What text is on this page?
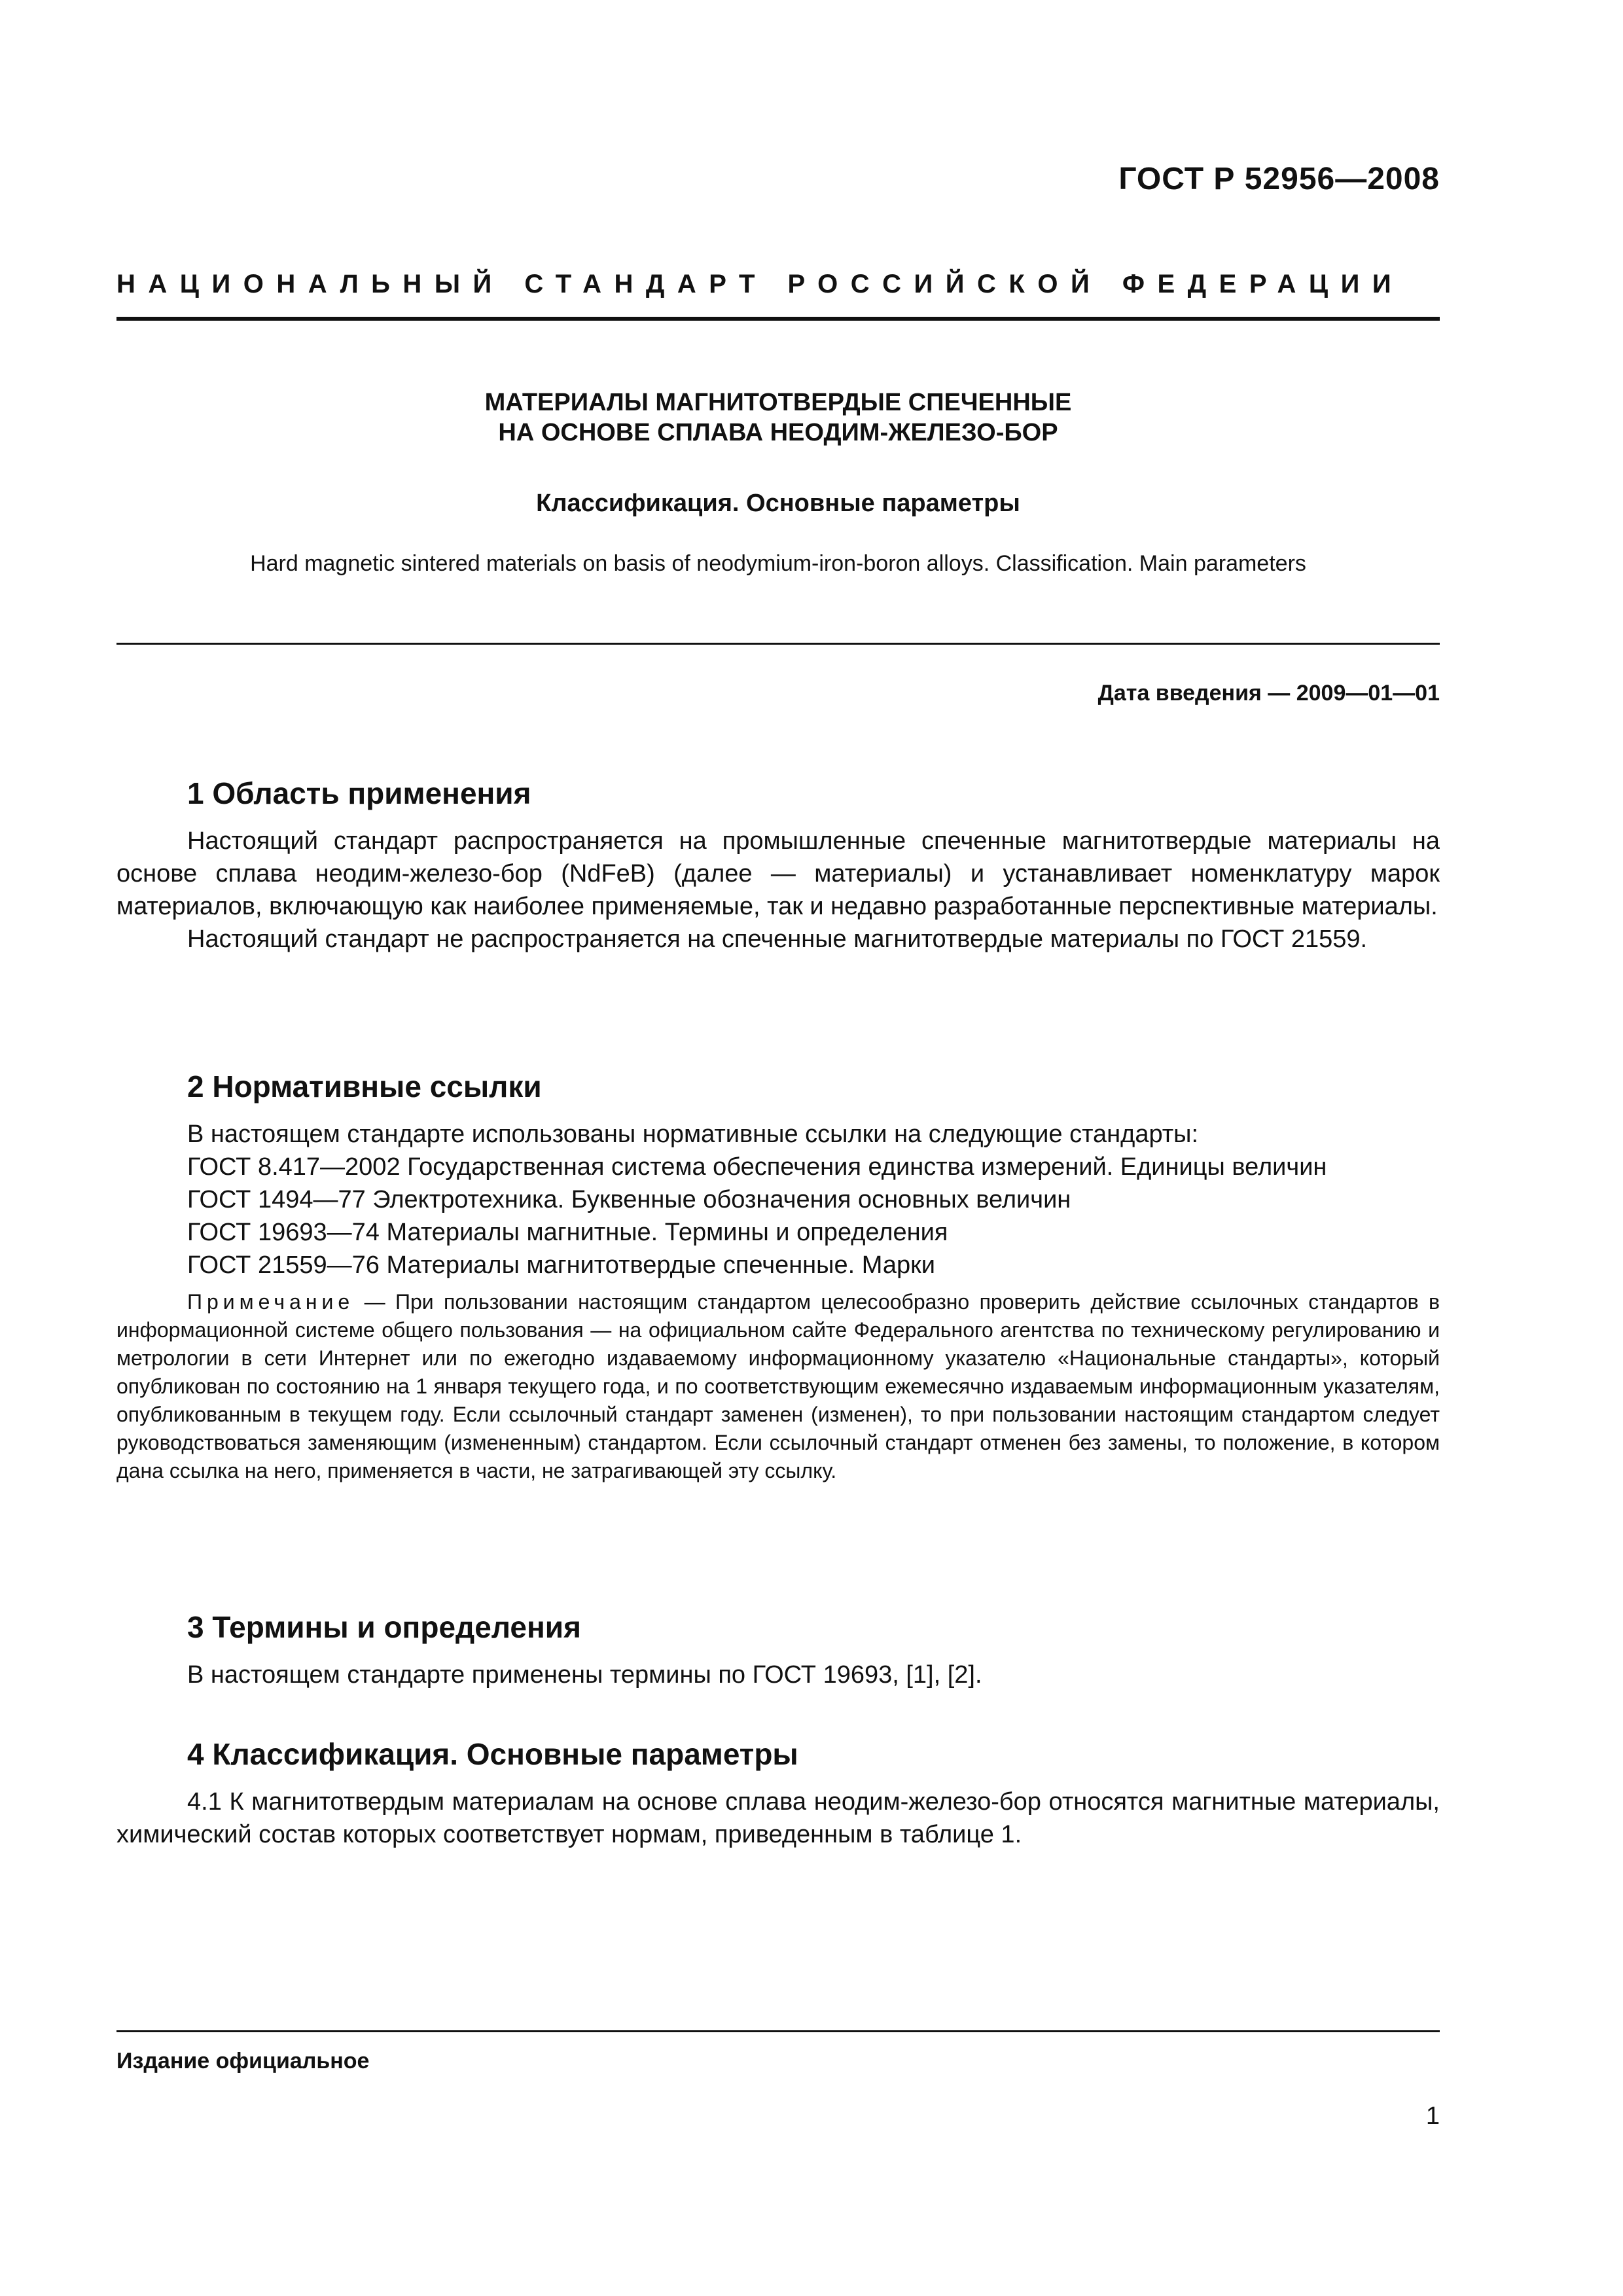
ГОСТ Р 52956—2008
НАЦИОНАЛЬНЫЙ СТАНДАРТ РОССИЙСКОЙ ФЕДЕРАЦИИ
МАТЕРИАЛЫ МАГНИТОТВЕРДЫЕ СПЕЧЕННЫЕ
НА ОСНОВЕ СПЛАВА НЕОДИМ-ЖЕЛЕЗО-БОР
Классификация. Основные параметры
Hard magnetic sintered materials on basis of neodymium-iron-boron alloys. Classification. Main parameters
Дата введения — 2009—01—01
1 Область применения

Настоящий стандарт распространяется на промышленные спеченные магнитотвердые материалы на основе сплава неодим-железо-бор (NdFeB) (далее — материалы) и устанавливает номенклатуру марок материалов, включающую как наиболее применяемые, так и недавно разработанные перспективные материалы.

Настоящий стандарт не распространяется на спеченные магнитотвердые материалы по ГОСТ 21559.

2 Нормативные ссылки

В настоящем стандарте использованы нормативные ссылки на следующие стандарты:

ГОСТ 8.417—2002 Государственная система обеспечения единства измерений. Единицы величин

ГОСТ 1494—77 Электротехника. Буквенные обозначения основных величин

ГОСТ 19693—74 Материалы магнитные. Термины и определения

ГОСТ 21559—76 Материалы магнитотвердые спеченные. Марки

Примечание — При пользовании настоящим стандартом целесообразно проверить действие ссылочных стандартов в информационной системе общего пользования — на официальном сайте Федерального агентства по техническому регулированию и метрологии в сети Интернет или по ежегодно издаваемому информационному указателю «Национальные стандарты», который опубликован по состоянию на 1 января текущего года, и по соответствующим ежемесячно издаваемым информационным указателям, опубликованным в текущем году. Если ссылочный стандарт заменен (изменен), то при пользовании настоящим стандартом следует руководствоваться заменяющим (измененным) стандартом. Если ссылочный стандарт отменен без замены, то положение, в котором дана ссылка на него, применяется в части, не затрагивающей эту ссылку.

3 Термины и определения

В настоящем стандарте применены термины по ГОСТ 19693, [1], [2].

4 Классификация. Основные параметры

4.1 К магнитотвердым материалам на основе сплава неодим-железо-бор относятся магнитные материалы, химический состав которых соответствует нормам, приведенным в таблице 1.

Издание официальное
1
